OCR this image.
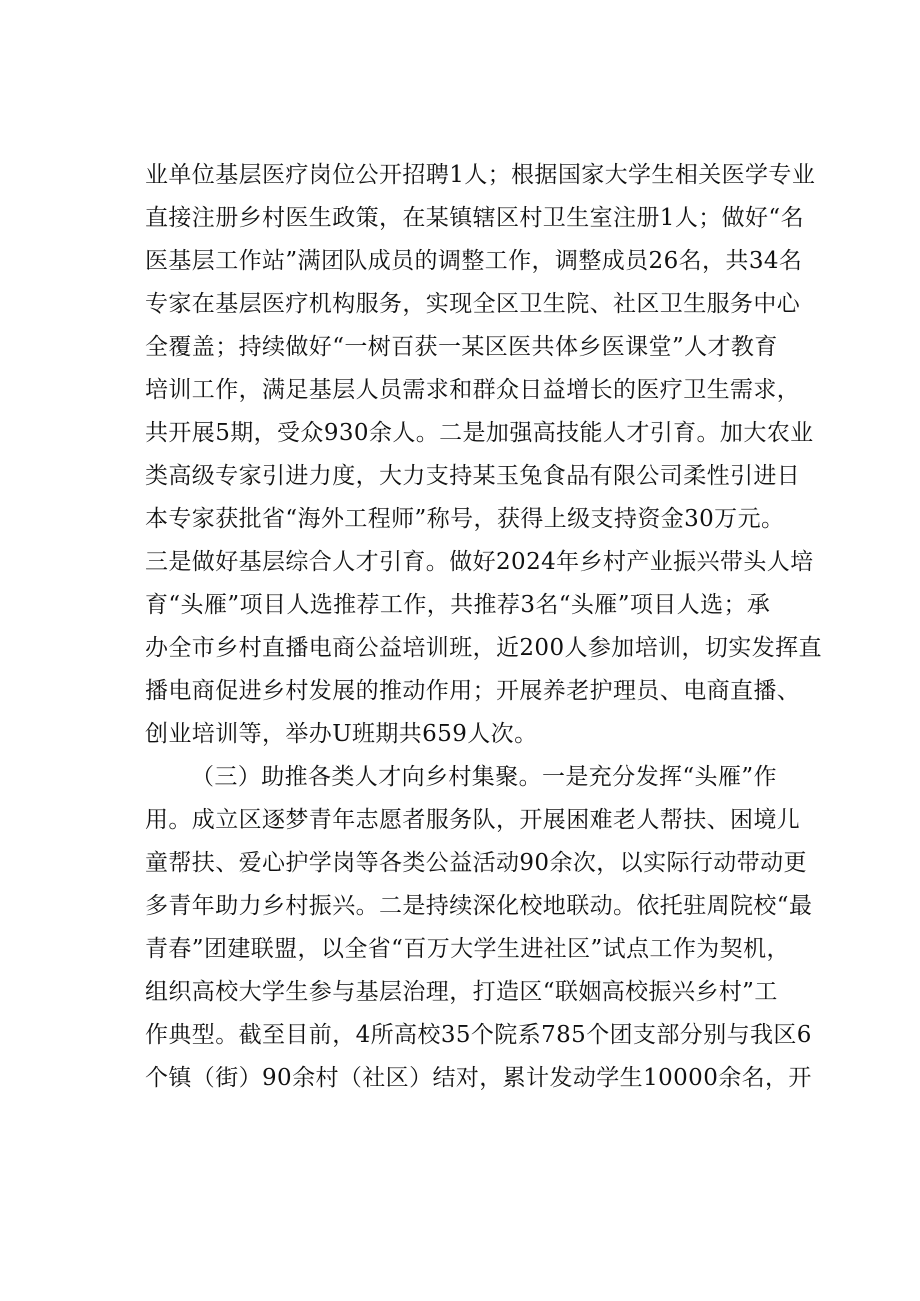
业单位基层医疗岗位公开招聘1人；根据国家大学生相关医学专业
直接注册乡村医生政策，在某镇辖区村卫生室注册1人；做好“名
医基层工作站”满团队成员的调整工作，调整成员26名，共34名
专家在基层医疗机构服务，实现全区卫生院、社区卫生服务中心
全覆盖；持续做好“一树百获一某区医共体乡医课堂”人才教育
培训工作，满足基层人员需求和群众日益增长的医疗卫生需求，
共开展5期，受众930余人。二是加强高技能人才引育。加大农业
类高级专家引进力度，大力支持某玉兔食品有限公司柔性引进日
本专家获批省“海外工程师”称号，获得上级支持资金30万元。
三是做好基层综合人才引育。做好2024年乡村产业振兴带头人培
育“头雁”项目人选推荐工作，共推荐3名“头雁”项目人选；承
办全市乡村直播电商公益培训班，近200人参加培训，切实发挥直
播电商促进乡村发展的推动作用；开展养老护理员、电商直播、
创业培训等，举办U班期共659人次。
（三）助推各类人才向乡村集聚。一是充分发挥“头雁”作
用。成立区逐梦青年志愿者服务队，开展困难老人帮扶、困境儿
童帮扶、爱心护学岗等各类公益活动90余次，以实际行动带动更
多青年助力乡村振兴。二是持续深化校地联动。依托驻周院校“最
青春”团建联盟，以全省“百万大学生进社区”试点工作为契机，
组织高校大学生参与基层治理，打造区“联姻高校振兴乡村”工
作典型。截至目前，4所高校35个院系785个团支部分别与我区6
个镇（街）90余村（社区）结对，累计发动学生10000余名，开
